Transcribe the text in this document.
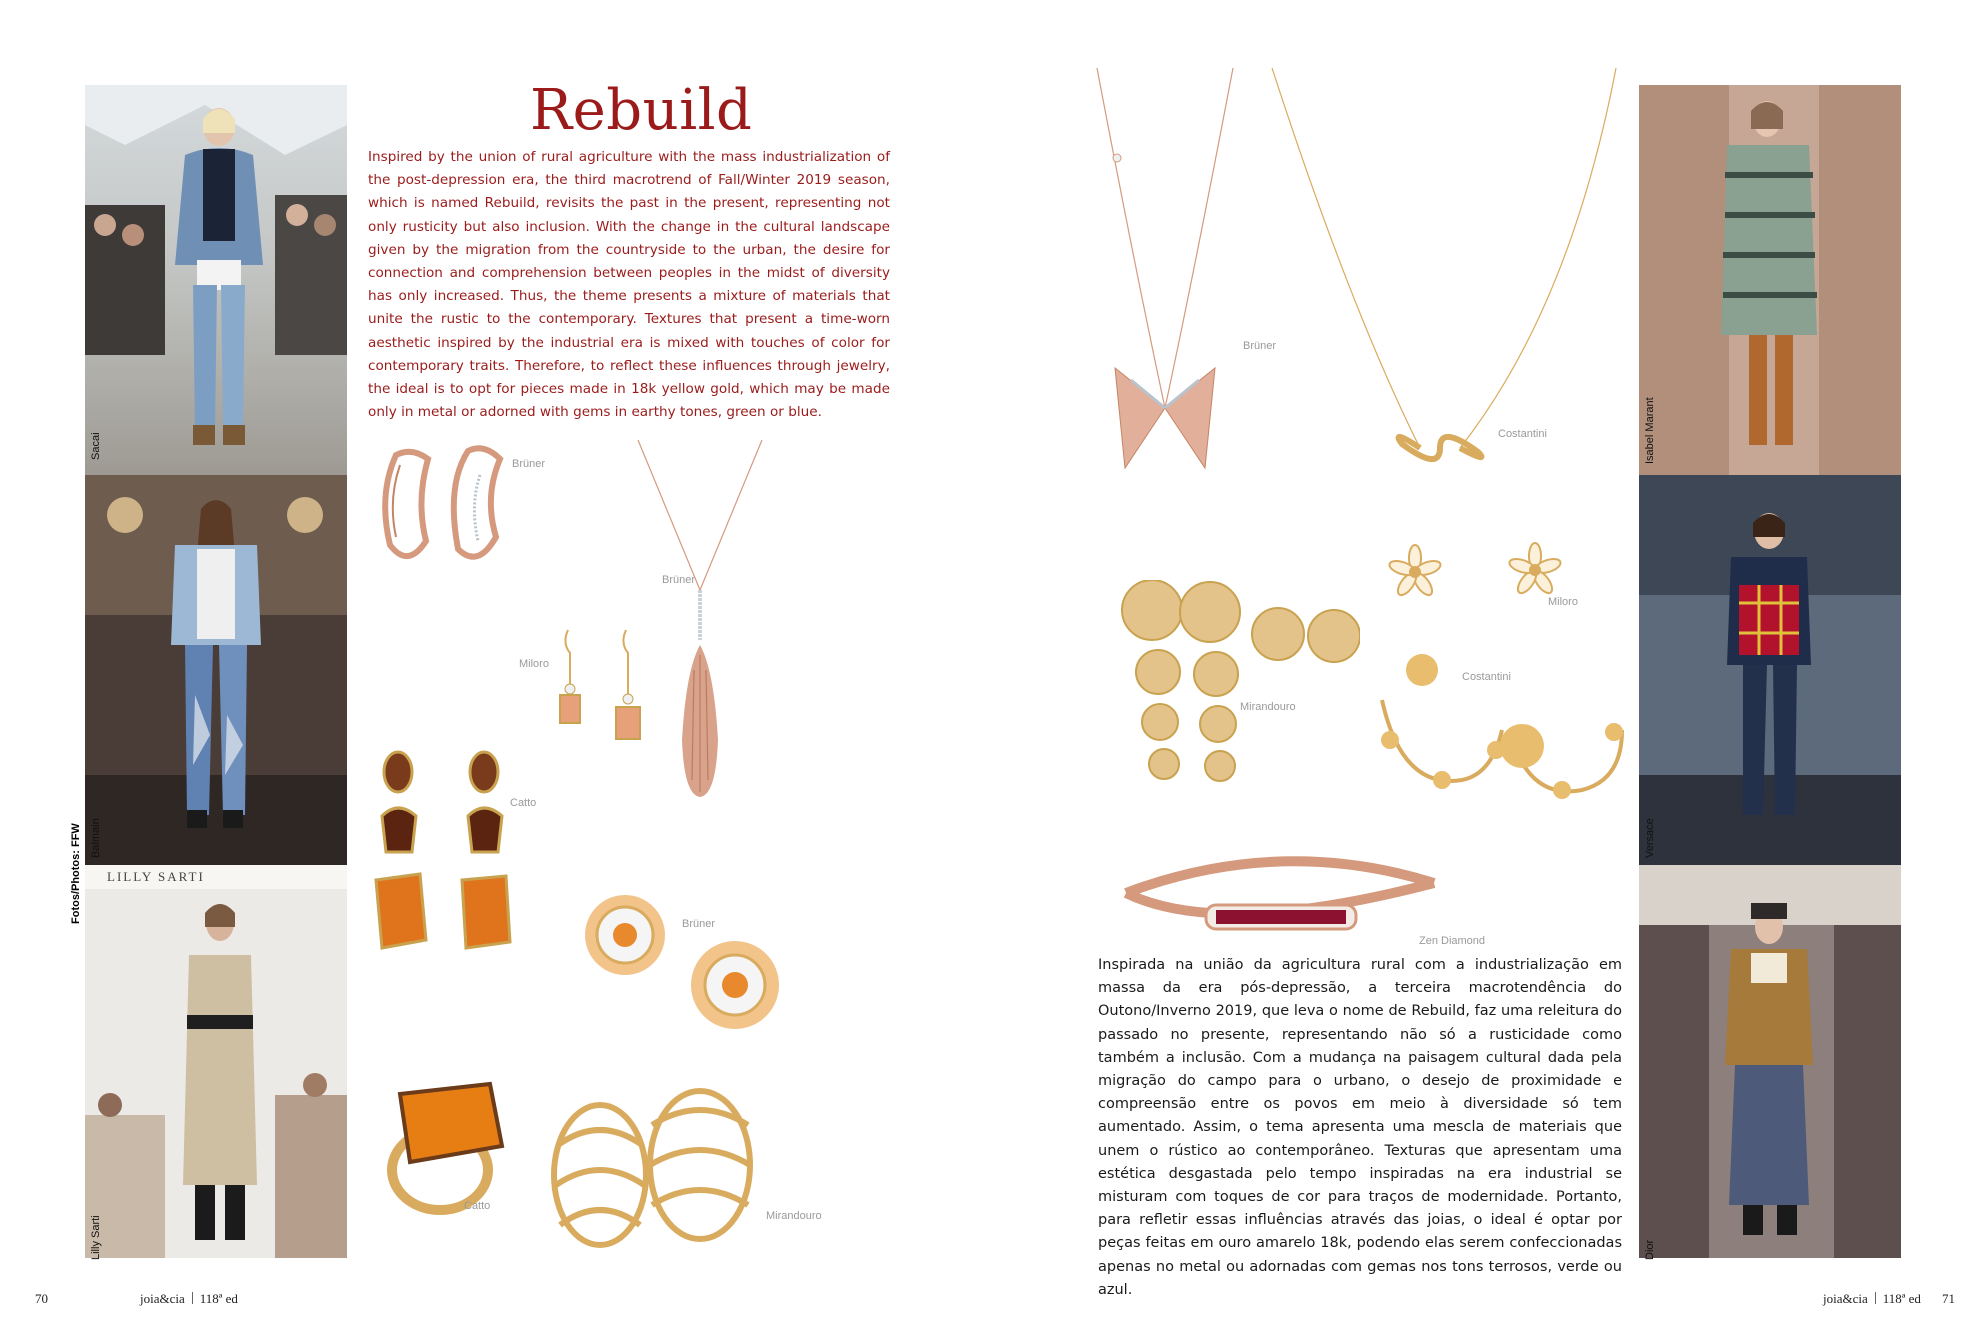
LILLY SARTI
Sacai
Balmain
Lilly Sarti
Fotos/Photos: FFW
Rebuild
Inspired by the union of rural agriculture with the mass industrialization of the post-depression era, the third macrotrend of Fall/Winter 2019 season, which is named Rebuild, revisits the past in the present, representing not only rusticity but also inclusion. With the change in the cultural landscape given by the migration from the countryside to the urban, the desire for connection and comprehension between peoples in the midst of diversity has only increased. Thus, the theme presents a mixture of materials that unite the rustic to the contemporary. Textures that present a time-worn aesthetic inspired by the industrial era is mixed with touches of color for contemporary traits. Therefore, to reflect these influences through jewelry, the ideal is to opt for pieces made in 18k yellow gold, which may be made only in metal or adorned with gems in earthy tones, green or blue.
Brüner
Brüner
Miloro
Catto
Brüner
Catto
Mirandouro
Brüner
Costantini
Miloro
Mirandouro
Costantini
Zen Diamond
Inspirada na união da agricultura rural com a industrialização em massa da era pós-depressão, a terceira macrotendência do Outono/Inverno 2019, que leva o nome de Rebuild, faz uma releitura do passado no presente, representando não só a rusticidade como também a inclusão. Com a mudança na paisagem cultural dada pela migração do campo para o urbano, o desejo de proximidade e compreensão entre os povos em meio à diversidade só tem aumentado. Assim, o tema apresenta uma mescla de materiais que unem o rústico ao contemporâneo. Texturas que apresentam uma estética desgastada pelo tempo inspiradas na era industrial se misturam com toques de cor para traços de modernidade. Portanto, para refletir essas influências através das joias, o ideal é optar por peças feitas em ouro amarelo 18k, podendo elas serem confeccionadas apenas no metal ou adornadas com gemas nos tons terrosos, verde ou azul.
Isabel Marant
Versace
Dior
70	joia&cia 118ª ed	joia&cia 118ª ed 71
